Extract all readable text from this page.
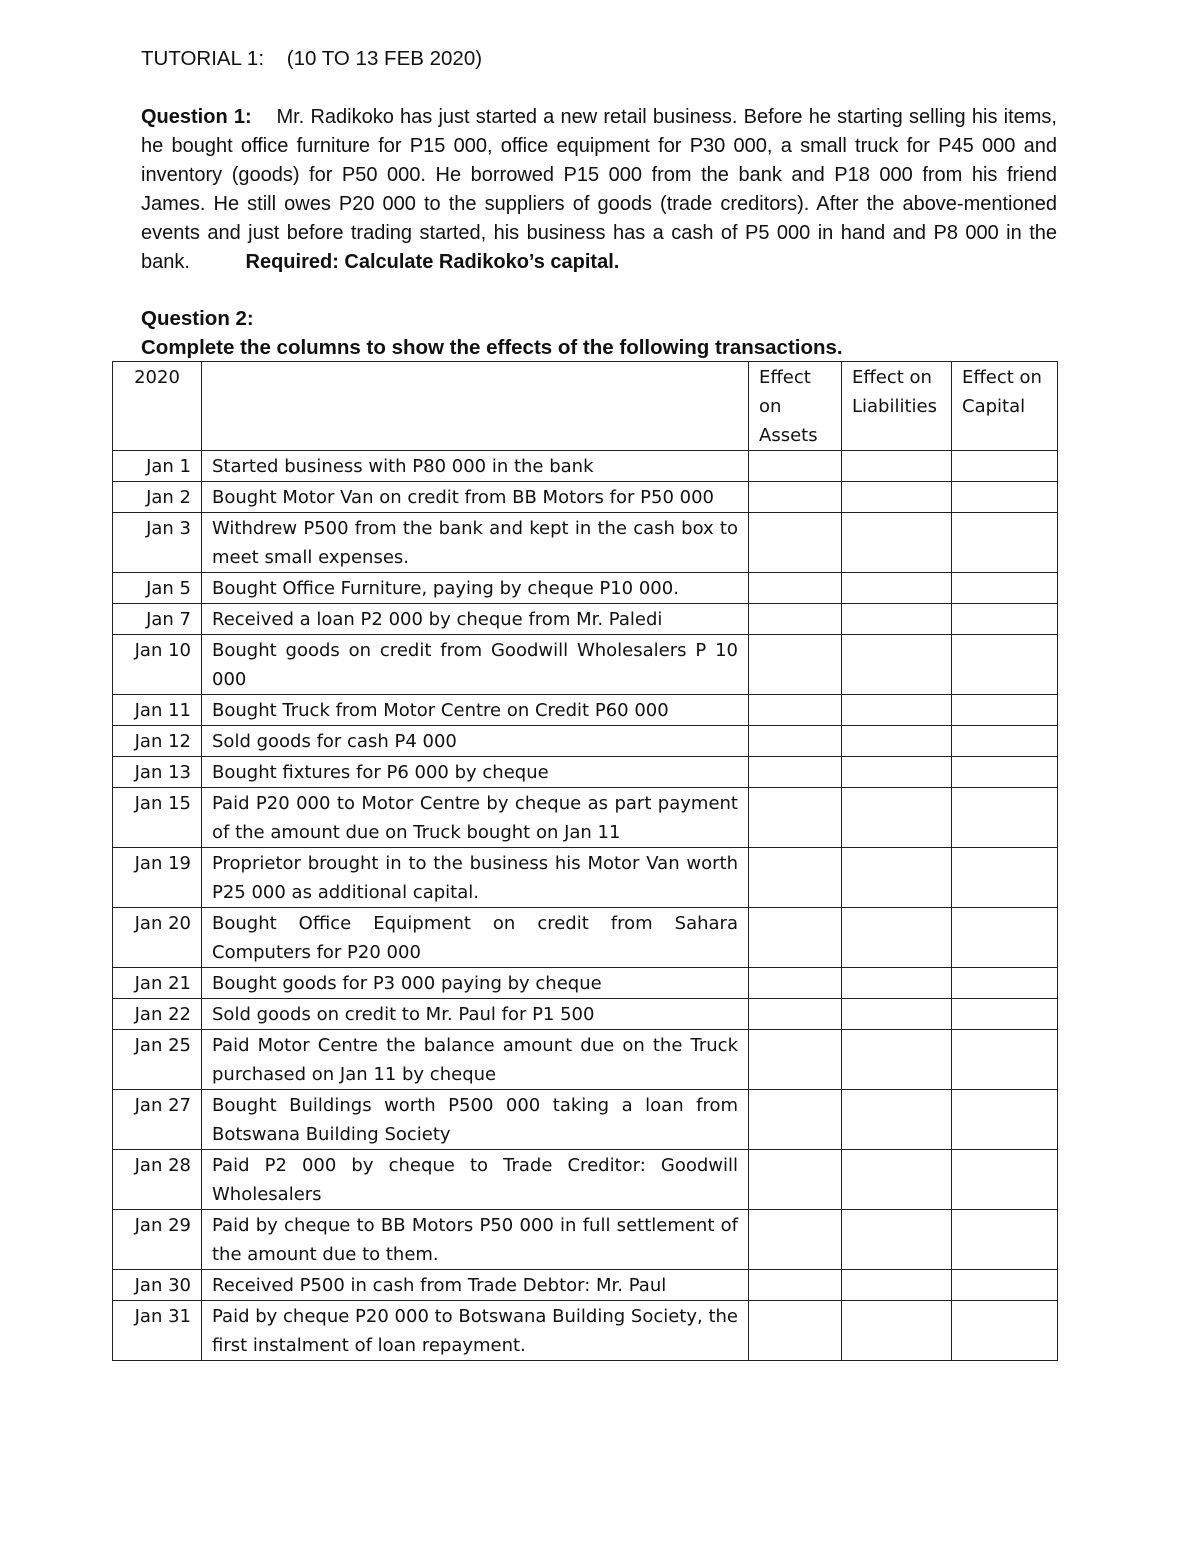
TUTORIAL 1:    (10 TO 13 FEB 2020)
Question 1: Mr. Radikoko has just started a new retail business. Before he starting selling his items, he bought office furniture for P15 000, office equipment for P30 000, a small truck for P45 000 and inventory (goods) for P50 000. He borrowed P15 000 from the bank and P18 000 from his friend James. He still owes P20 000 to the suppliers of goods (trade creditors). After the above-mentioned events and just before trading started, his business has a cash of P5 000 in hand and P8 000 in the bank.	Required: Calculate Radikoko’s capital.
Question 2:
Complete the columns to show the effects of the following transactions.
2020		Effect on Assets	Effect on Liabilities	Effect on Capital
Jan 1	Started business with P80 000 in the bank			
Jan 2	Bought Motor Van on credit from BB Motors for P50 000			
Jan 3	Withdrew P500 from the bank and kept in the cash box to meet small expenses.			
Jan 5	Bought Office Furniture, paying by cheque P10 000.			
Jan 7	Received a loan P2 000 by cheque from Mr. Paledi			
Jan 10	Bought goods on credit from Goodwill Wholesalers P 10 000			
Jan 11	Bought Truck from Motor Centre on Credit P60 000			
Jan 12	Sold goods for cash P4 000			
Jan 13	Bought fixtures for P6 000 by cheque			
Jan 15	Paid P20 000 to Motor Centre by cheque as part payment of the amount due on Truck bought on Jan 11			
Jan 19	Proprietor brought in to the business his Motor Van worth P25 000 as additional capital.			
Jan 20	Bought Office Equipment on credit from Sahara Computers for P20 000			
Jan 21	Bought goods for P3 000 paying by cheque			
Jan 22	Sold goods on credit to Mr. Paul for P1 500			
Jan 25	Paid Motor Centre the balance amount due on the Truck purchased on Jan 11 by cheque			
Jan 27	Bought Buildings worth P500 000 taking a loan from Botswana Building Society			
Jan 28	Paid P2 000 by cheque to Trade Creditor: Goodwill Wholesalers			
Jan 29	Paid by cheque to BB Motors P50 000 in full settlement of the amount due to them.			
Jan 30	Received P500 in cash from Trade Debtor: Mr. Paul			
Jan 31	Paid by cheque P20 000 to Botswana Building Society, the first instalment of loan repayment.			
